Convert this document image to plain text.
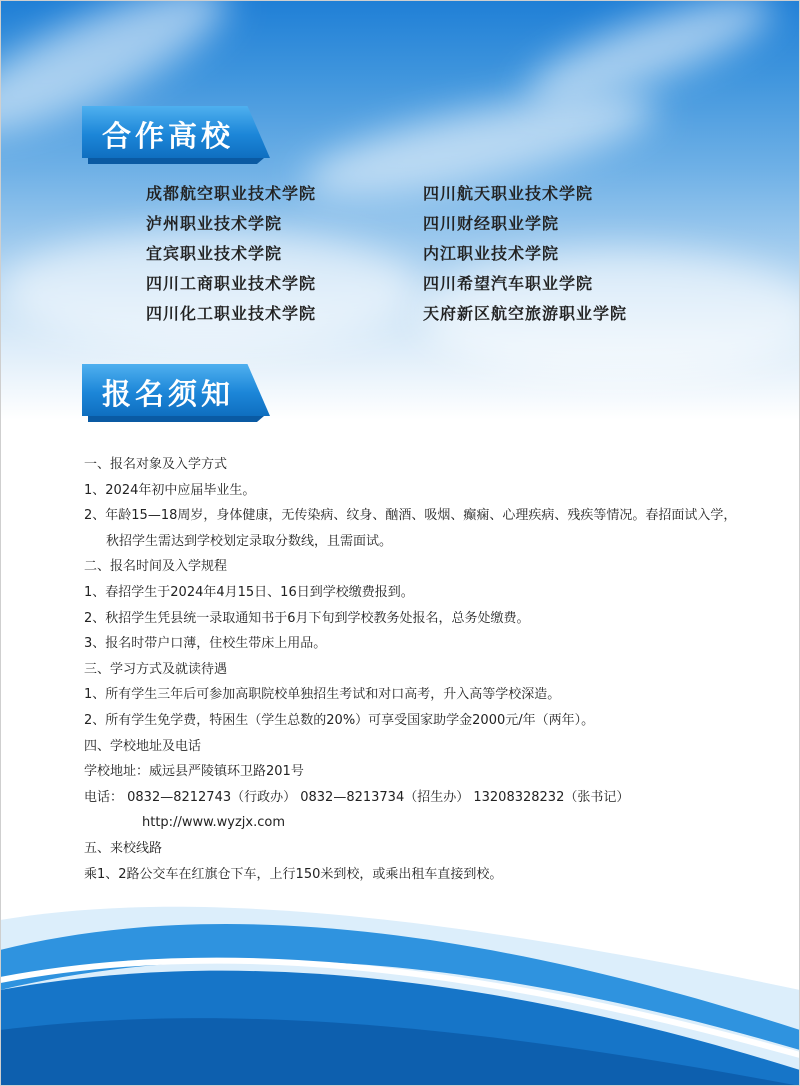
合作高校
成都航空职业技术学院
泸州职业技术学院
宜宾职业技术学院
四川工商职业技术学院
四川化工职业技术学院
四川航天职业技术学院
四川财经职业学院
内江职业技术学院
四川希望汽车职业学院
天府新区航空旅游职业学院
报名须知
一、报名对象及入学方式
1、2024年初中应届毕业生。
2、年龄15—18周岁，身体健康，无传染病、纹身、酗酒、吸烟、癫痫、心理疾病、残疾等情况。春招面试入学，
秋招学生需达到学校划定录取分数线，且需面试。
二、报名时间及入学规程
1、春招学生于2024年4月15日、16日到学校缴费报到。
2、秋招学生凭县统一录取通知书于6月下旬到学校教务处报名，总务处缴费。
3、报名时带户口薄，住校生带床上用品。
三、学习方式及就读待遇
1、所有学生三年后可参加高职院校单独招生考试和对口高考，升入高等学校深造。
2、所有学生免学费，特困生（学生总数的20%）可享受国家助学金2000元/年（两年）。
四、学校地址及电话
学校地址：威远县严陵镇环卫路201号
电话： 0832—8212743（行政办） 0832—8213734（招生办） 13208328232（张书记）
http://www.wyzjx.com
五、来校线路
乘1、2路公交车在红旗仓下车，上行150米到校，或乘出租车直接到校。
